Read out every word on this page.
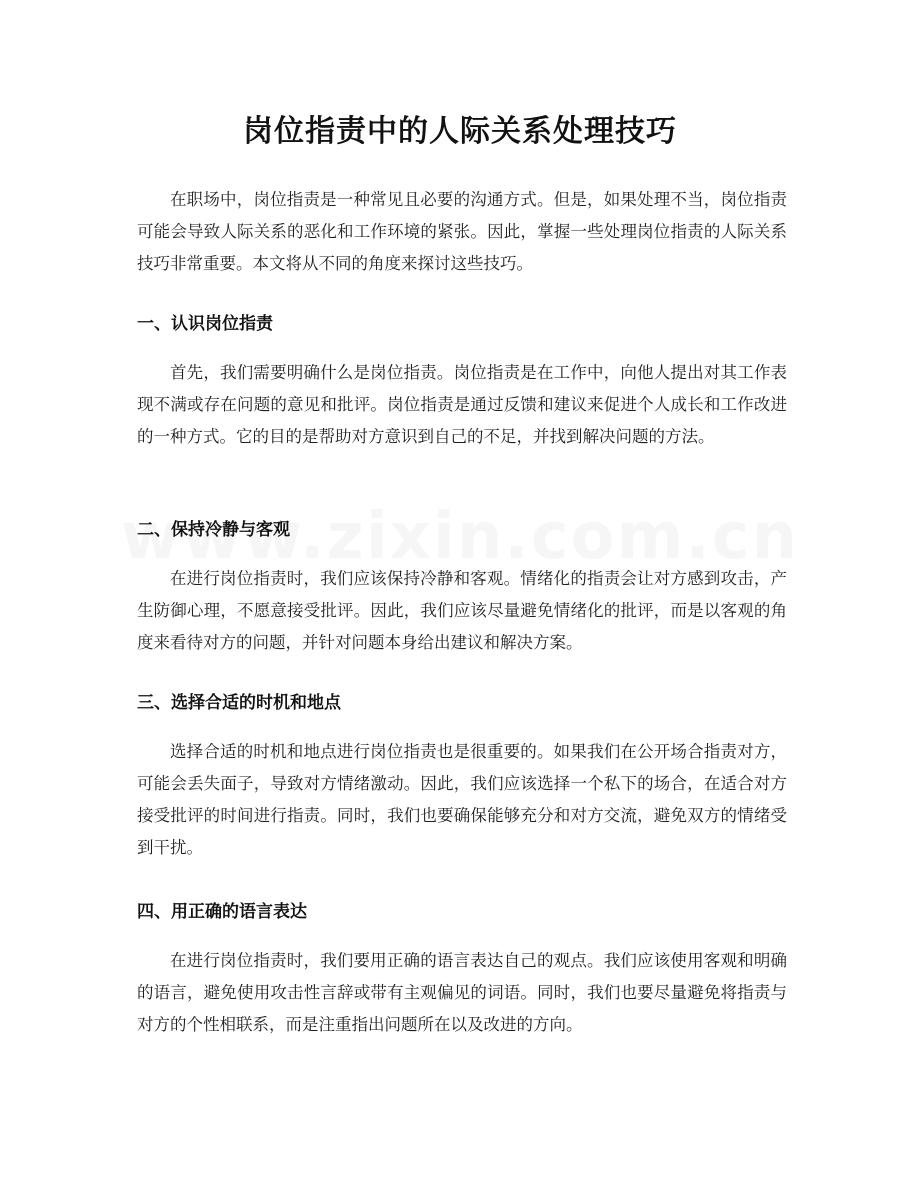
岗位指责中的人际关系处理技巧

在职场中，岗位指责是一种常见且必要的沟通方式。但是，如果处理不当，岗位指责可能会导致人际关系的恶化和工作环境的紧张。因此，掌握一些处理岗位指责的人际关系技巧非常重要。本文将从不同的角度来探讨这些技巧。

一、认识岗位指责

首先，我们需要明确什么是岗位指责。岗位指责是在工作中，向他人提出对其工作表现不满或存在问题的意见和批评。岗位指责是通过反馈和建议来促进个人成长和工作改进的一种方式。它的目的是帮助对方意识到自己的不足，并找到解决问题的方法。

二、保持冷静与客观

在进行岗位指责时，我们应该保持冷静和客观。情绪化的指责会让对方感到攻击，产生防御心理，不愿意接受批评。因此，我们应该尽量避免情绪化的批评，而是以客观的角度来看待对方的问题，并针对问题本身给出建议和解决方案。

三、选择合适的时机和地点

选择合适的时机和地点进行岗位指责也是很重要的。如果我们在公开场合指责对方，可能会丢失面子，导致对方情绪激动。因此，我们应该选择一个私下的场合，在适合对方接受批评的时间进行指责。同时，我们也要确保能够充分和对方交流，避免双方的情绪受到干扰。

四、用正确的语言表达

在进行岗位指责时，我们要用正确的语言表达自己的观点。我们应该使用客观和明确的语言，避免使用攻击性言辞或带有主观偏见的词语。同时，我们也要尽量避免将指责与对方的个性相联系，而是注重指出问题所在以及改进的方向。
